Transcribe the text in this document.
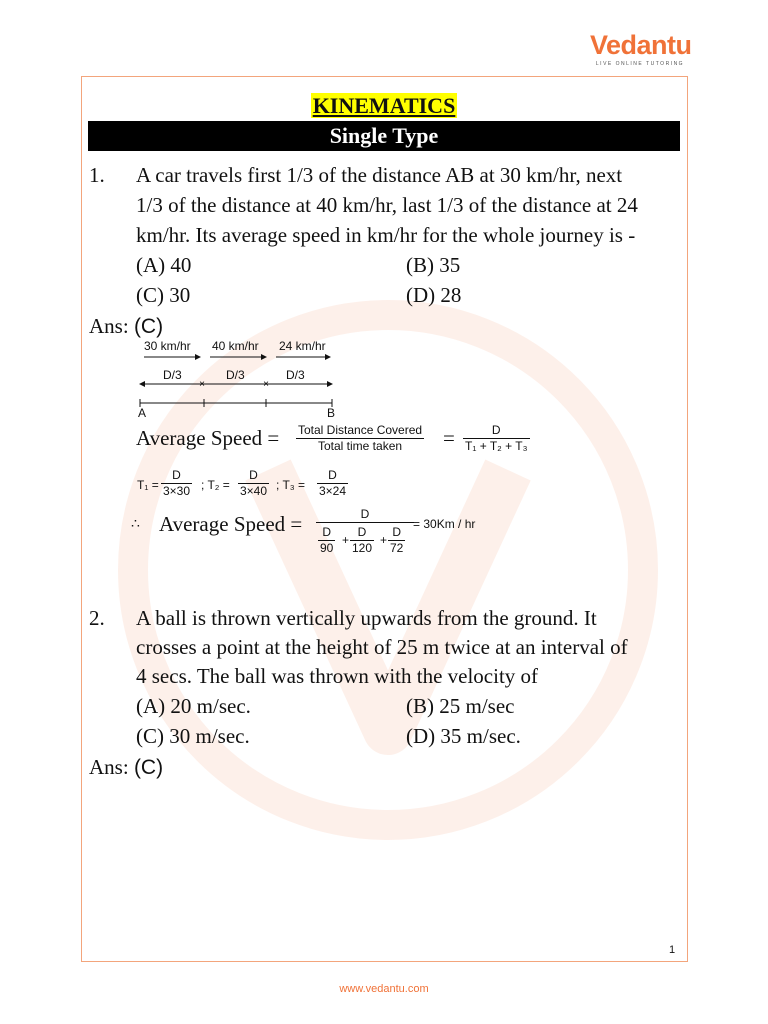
Vedantu
LIVE ONLINE TUTORING
KINEMATICS
Single Type
1. A car travels first 1/3 of the distance AB at 30 km/hr, next
1/3 of the distance at 40 km/hr, last 1/3 of the distance at 24
km/hr. Its average speed in km/hr for the whole journey is -
(A) 40	(B) 35
(C) 30	(D) 28
Ans: (C)
30 km/hr 40 km/hr 24 km/hr
D/3	D/3	D/3
A	B
×	×
Average Speed = Total Distance Covered
Total time taken	= $\frac{D}{\text{T₁ + T₂ + T₃}}$
$T_1 = \frac{D}{3\times 30}$ ; $T_2 = \frac{D}{3\times 40}$ ; $T_3 = \frac{D}{3\times 24}$
∴ Average Speed =	D
$\frac{D}{90} + \frac{D}{120} + \frac{D}{72}$
= 30Km / hr
2. A ball is thrown vertically upwards from the ground. It
crosses a point at the height of 25 m twice at an interval of
4 secs. The ball was thrown with the velocity of
(A) 20 m/sec.	(B) 25 m/sec
(C) 30 m/sec.	(D) 35 m/sec.
Ans: (C)
1
www.vedantu.com
